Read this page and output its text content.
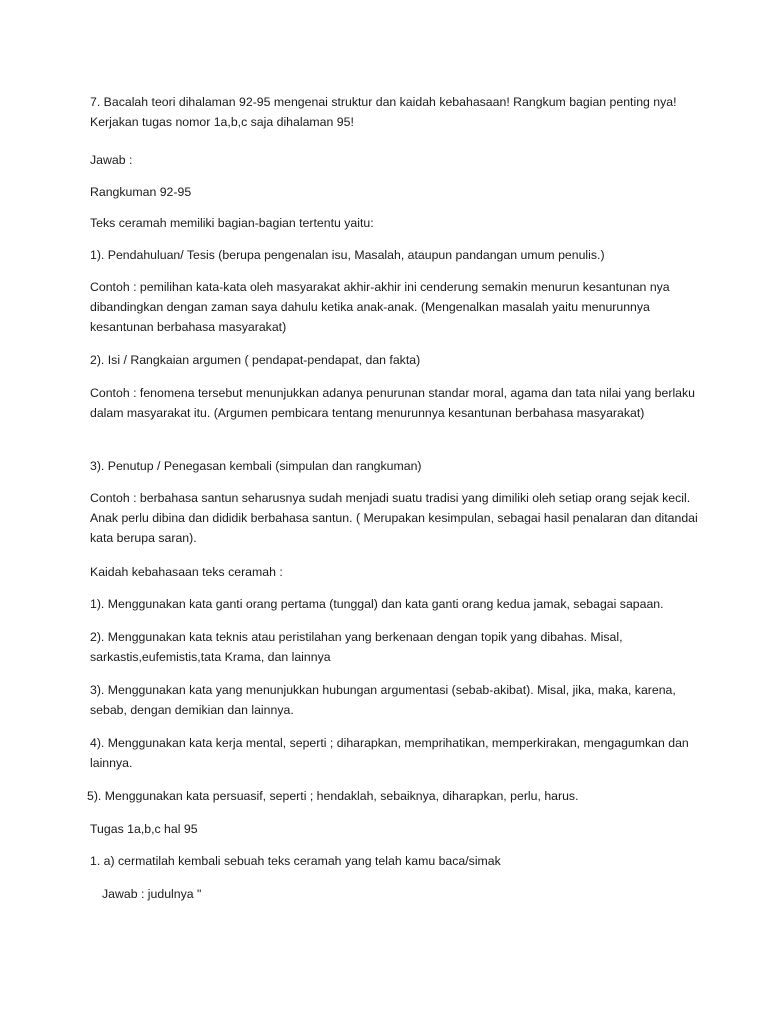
7. Bacalah teori dihalaman 92-95 mengenai struktur dan kaidah kebahasaan! Rangkum bagian penting nya! Kerjakan tugas nomor 1a,b,c saja dihalaman 95!

Jawab :

Rangkuman 92-95

Teks ceramah memiliki bagian-bagian tertentu yaitu:

1). Pendahuluan/ Tesis (berupa pengenalan isu, Masalah, ataupun pandangan umum penulis.)

Contoh : pemilihan kata-kata oleh masyarakat akhir-akhir ini cenderung semakin menurun kesantunan nya dibandingkan dengan zaman saya dahulu ketika anak-anak. (Mengenalkan masalah yaitu menurunnya kesantunan berbahasa masyarakat)

2). Isi / Rangkaian argumen ( pendapat-pendapat, dan fakta)

Contoh : fenomena tersebut menunjukkan adanya penurunan standar moral, agama dan tata nilai yang berlaku dalam masyarakat itu. (Argumen pembicara tentang menurunnya kesantunan berbahasa masyarakat)

3). Penutup / Penegasan kembali (simpulan dan rangkuman)

Contoh : berbahasa santun seharusnya sudah menjadi suatu tradisi yang dimiliki oleh setiap orang sejak kecil. Anak perlu dibina dan dididik berbahasa santun. ( Merupakan kesimpulan, sebagai hasil penalaran dan ditandai kata berupa saran).

Kaidah kebahasaan teks ceramah :

1). Menggunakan kata ganti orang pertama (tunggal) dan kata ganti orang kedua jamak, sebagai sapaan.

2). Menggunakan kata teknis atau peristilahan yang berkenaan dengan topik yang dibahas. Misal, sarkastis,eufemistis,tata Krama, dan lainnya

3). Menggunakan kata yang menunjukkan hubungan argumentasi (sebab-akibat). Misal, jika, maka, karena, sebab, dengan demikian dan lainnya.

4). Menggunakan kata kerja mental, seperti ; diharapkan, memprihatikan, memperkirakan, mengagumkan dan lainnya.

5). Menggunakan kata persuasif, seperti ; hendaklah, sebaiknya, diharapkan, perlu, harus.

Tugas 1a,b,c hal 95

1. a) cermatilah kembali sebuah teks ceramah yang telah kamu baca/simak

Jawab : judulnya "
